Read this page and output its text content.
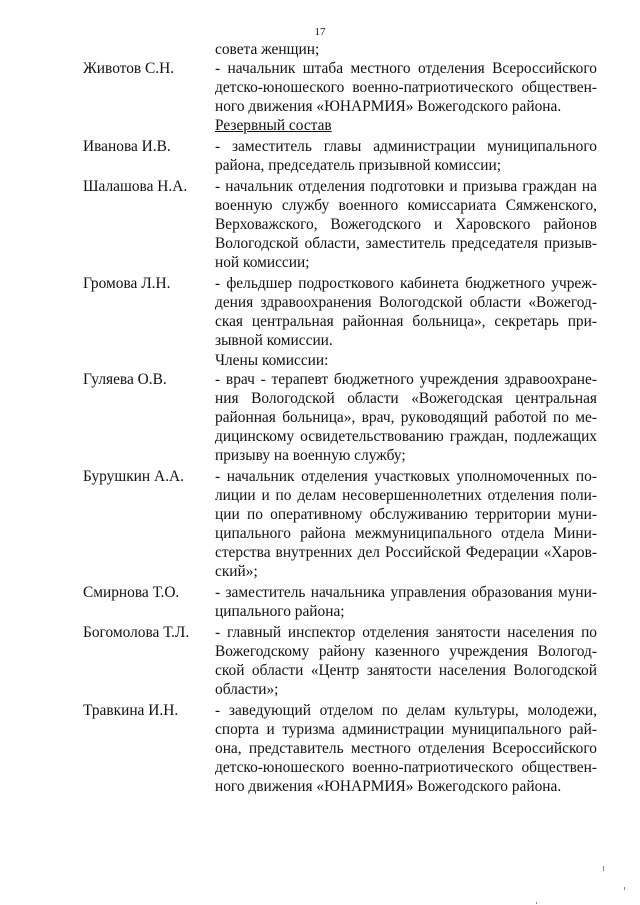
17
совета женщин;
Животов С.Н.	- начальник штаба местного отделения Всероссийского
детско-юношеского военно-патриотического обществен-
ного движения «ЮНАРМИЯ» Вожегодского района.
Резервный состав
Иванова И.В.	- заместитель главы администрации муниципального
района, председатель призывной комиссии;
Шалашова Н.А. - начальник отделения подготовки и призыва граждан на
военную службу военного комиссариата Сямженского,
Верховажского, Вожегодского и Харовского районов
Вологодской области, заместитель председателя призыв-
ной комиссии;
Громова Л.Н.	- фельдшер подросткового кабинета бюджетного учреж-
дения здравоохранения Вологодской области «Вожегод-
ская центральная районная больница», секретарь при-
зывной комиссии.
Члены комиссии:
Гуляева О.В.	- врач - терапевт бюджетного учреждения здравоохране-
ния Вологодской области «Вожегодская центральная
районная больница», врач, руководящий работой по ме-
дицинскому освидетельствованию граждан, подлежащих
призыву на военную службу;
Бурушкин А.А. - начальник отделения участковых уполномоченных по-
лиции и по делам несовершеннолетних отделения поли-
ции по оперативному обслуживанию территории муни-
ципального района межмуниципального отдела Мини-
стерства внутренних дел Российской Федерации «Харов-
ский»;
Смирнова Т.О. - заместитель начальника управления образования муни-
ципального района;
Богомолова Т.Л. - главный инспектор отделения занятости населения по
Вожегодскому району казенного учреждения Вологод-
ской области «Центр занятости населения Вологодской
области»;
Травкина И.Н. - заведующий отделом по делам культуры, молодежи,
спорта и туризма администрации муниципального рай-
она, представитель местного отделения Всероссийского
детско-юношеского военно-патриотического обществен-
ного движения «ЮНАРМИЯ» Вожегодского района.
